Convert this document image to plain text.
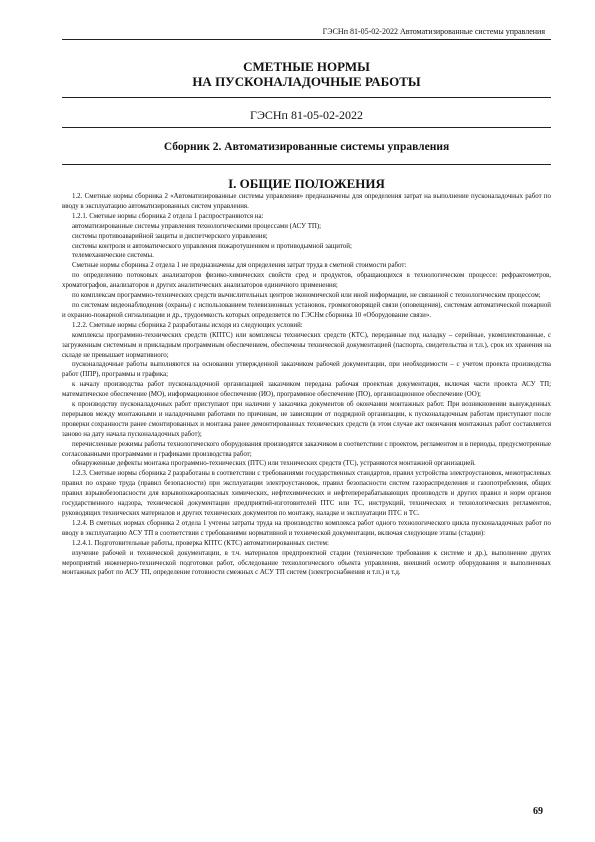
ГЭСНп 81-05-02-2022 Автоматизированные системы управления
СМЕТНЫЕ НОРМЫ
НА ПУСКОНАЛАДОЧНЫЕ РАБОТЫ
ГЭСНп 81-05-02-2022
Сборник 2. Автоматизированные системы управления
I. ОБЩИЕ ПОЛОЖЕНИЯ

1.2. Сметные нормы сборника 2 «Автоматизированные системы управления» предназначены для определения затрат на выполнение пусконаладочных работ по вводу в эксплуатацию автоматизированных систем управления.

1.2.1. Сметные нормы сборника 2 отдела 1 распространяются на:

автоматизированные системы управления технологическими процессами (АСУ ТП);

системы противоаварийной защиты и диспетчерского управления;

системы контроля и автоматического управления пожаротушением и противодымной защитой;

телемеханические системы.

Сметные нормы сборника 2 отдела 1 не предназначены для определения затрат труда в сметной стоимости работ:

по определению потоковых анализаторов физико-химических свойств сред и продуктов, обращающихся в технологическом процессе: рефрактометров, хроматографов, анализаторов и других аналитических анализаторов единичного применения;

по комплексам программно-технических средств вычислительных центров экономической или иной информации, не связанной с технологическим процессом;

по системам видеонаблюдения (охраны) с использованием телевизионных установок, громкоговорящей связи (оповещения), системам автоматической пожарной и охранно-пожарной сигнализации и др., трудоемкость которых определяется по ГЭСНм сборника 10 «Оборудование связи».

1.2.2. Сметные нормы сборника 2 разработаны исходя из следующих условий:

комплексы программно-технических средств (КПТС) или комплексы технических средств (КТС), переданные под наладку – серийные, укомплектованные, с загруженным системным и прикладным программным обеспечением, обеспечены технической документацией (паспорта, свидетельства и т.п.), срок их хранения на складе не превышает нормативного;

пусконаладочные работы выполняются на основании утвержденной заказчиком рабочей документации, при необходимости – с учетом проекта производства работ (ППР), программы и графика;

к началу производства работ пусконаладочной организацией заказчиком передана рабочая проектная документация, включая части проекта АСУ ТП; математическое обеспечение (МО), информационное обеспечение (ИО), программное обеспечение (ПО), организационное обеспечение (ОО);

к производству пусконаладочных работ приступают при наличии у заказчика документов об окончании монтажных работ. При возникновении вынужденных перерывов между монтажными и наладочными работами по причинам, не зависящим от подрядной организации, к пусконаладочным работам приступают после проверки сохранности ранее смонтированных и монтажа ранее демонтированных технических средств (в этом случае акт окончания монтажных работ составляется заново на дату начала пусконаладочных работ);

перечисленные режимы работы технологического оборудования производятся заказчиком в соответствии с проектом, регламентом и в периоды, предусмотренные согласованными программами и графиками производства работ;

обнаруженные дефекты монтажа программно-технических (ПТС) или технических средств (ТС), устраняются монтажной организацией.

1.2.3. Сметные нормы сборника 2 разработаны в соответствии с требованиями государственных стандартов, правил устройства электроустановок, межотраслевых правил по охране труда (правил безопасности) при эксплуатации электроустановок, правил безопасности систем газораспределения и газопотребления, общих правил взрывобезопасности для взрывопожароопасных химических, нефтехимических и нефтеперерабатывающих производств и других правил и норм органов государственного надзора, технической документации предприятий-изготовителей ПТС или ТС, инструкций, технических и технологических регламентов, руководящих технических материалов и других технических документов по монтажу, наладке и эксплуатации ПТС и ТС.

1.2.4. В сметных нормах сборника 2 отдела 1 учтены затраты труда на производство комплекса работ одного технологического цикла пусконаладочных работ по вводу в эксплуатацию АСУ ТП в соответствии с требованиями нормативной и технической документации, включая следующие этапы (стадии):

1.2.4.1. Подготовительные работы, проверка КПТС (КТС) автоматизированных систем:

изучение рабочей и технической документации, в т.ч. материалов предпроектной стадии (технические требования к системе и др.), выполнение других мероприятий инженерно-технической подготовки работ, обследование технологического объекта управления, внешний осмотр оборудования и выполненных монтажных работ по АСУ ТП, определение готовности смежных с АСУ ТП систем (электроснабжения и т.п.) и т.д.

69
